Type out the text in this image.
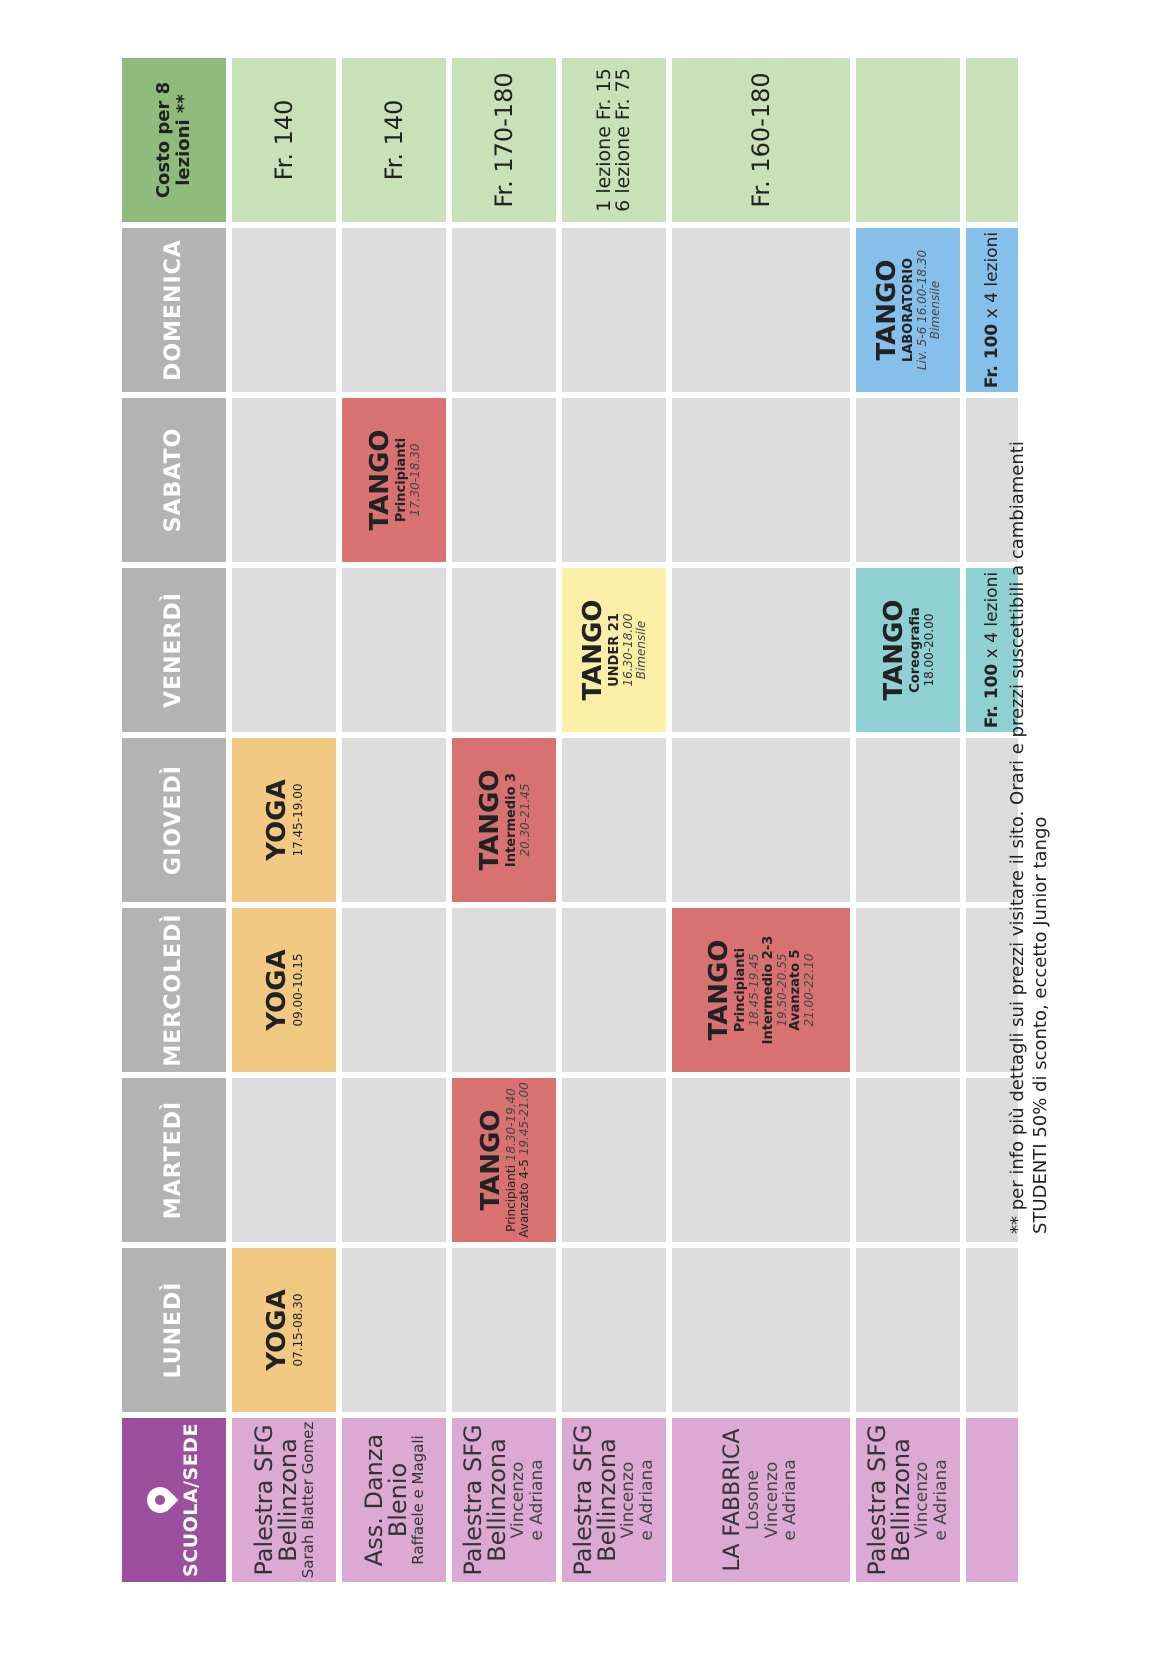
SCUOLA/SEDE
LUNEDÌ
MARTEDÌ
MERCOLEDÌ
GIOVEDÌ
VENERDÌ
SABATO
DOMENICA
Costo per 8
lezioni **
Palestra SFG
Bellinzona
Sarah Blatter Gomez
YOGA
07.15-08.30
YOGA
09.00-10.15
YOGA
17.45-19.00
Fr. 140
Ass. Danza
Blenio
Raffaele e Magali
TANGO
Principianti 17.30-18.30
Fr. 140
Palestra SFG
Bellinzona
Vincenzo
e Adriana
TANGO
Principianti 18.30-19.40
Avanzato 4-5 19.45-21.00
TANGO
Intermedio 3 20.30-21.45
Fr. 170-180
Palestra SFG
Bellinzona
Vincenzo
e Adriana
TANGO
UNDER 21 16.30-18.00 Bimensile
1 lezione Fr. 15
6 lezione Fr. 75
LA FABBRICA
Losone
Vincenzo
e Adriana
TANGO
Principianti 18.45-19.45 Intermedio 2-3 19.50-20.55 Avanzato 5 21.00-22.10
Fr. 160-180
Palestra SFG
Bellinzona
Vincenzo
e Adriana
TANGO
Coreografia 18.00-20.00
TANGO
LABORATORIO Liv. 5-6 16.00-18.30 Bimensile
Fr. 100 x 4 lezioni
Fr. 100 x 4 lezioni
** per info più dettagli sui prezzi visitare il sito. Orari e prezzi suscettibili a cambiamenti STUDENTI 50% di sconto, eccetto Junior tango
